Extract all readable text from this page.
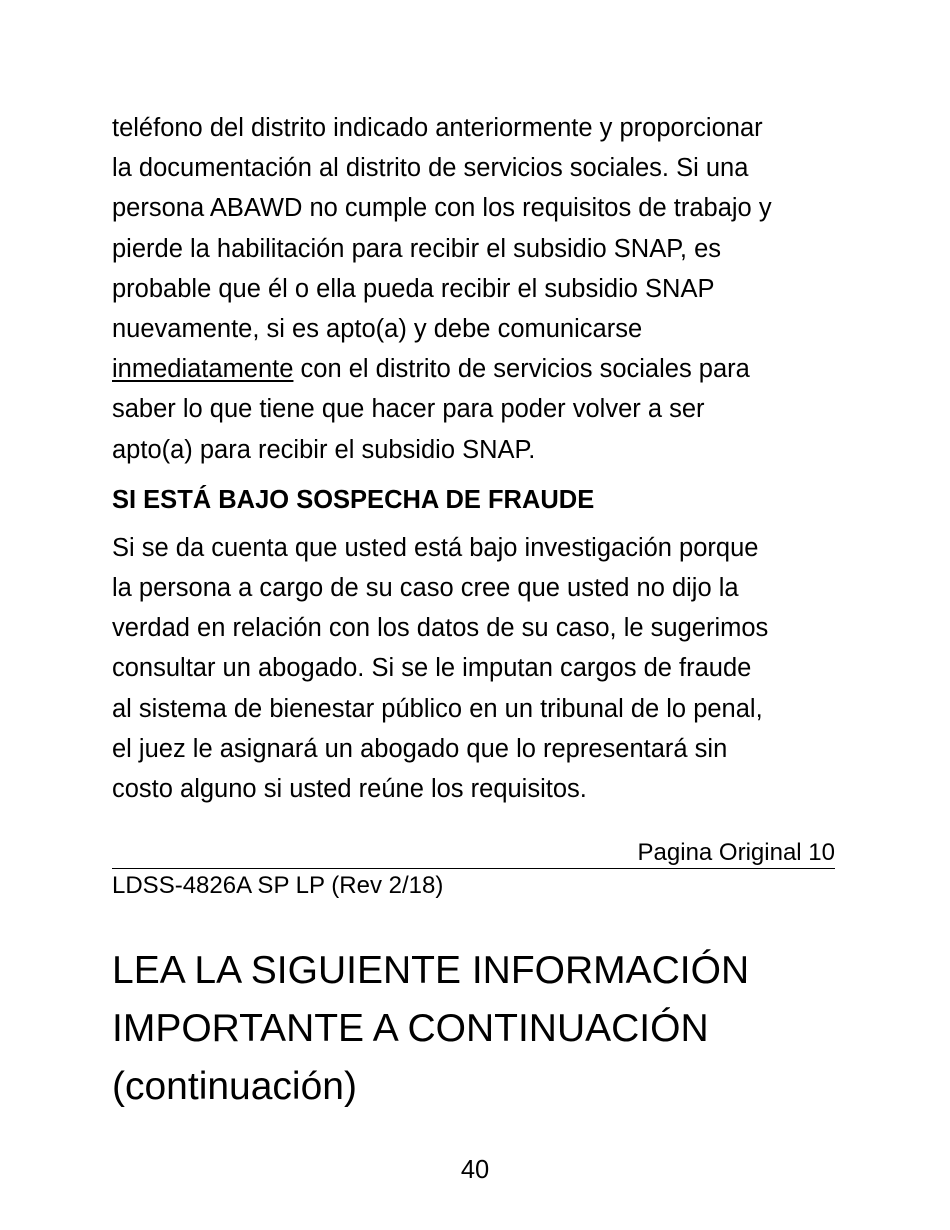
teléfono del distrito indicado anteriormente y proporcionar
la documentación al distrito de servicios sociales. Si una
persona ABAWD no cumple con los requisitos de trabajo y
pierde la habilitación para recibir el subsidio SNAP, es
probable que él o ella pueda recibir el subsidio SNAP
nuevamente, si es apto(a) y debe comunicarse
inmediatamente con el distrito de servicios sociales para
saber lo que tiene que hacer para poder volver a ser
apto(a) para recibir el subsidio SNAP.

SI ESTÁ BAJO SOSPECHA DE FRAUDE

Si se da cuenta que usted está bajo investigación porque
la persona a cargo de su caso cree que usted no dijo la
verdad en relación con los datos de su caso, le sugerimos
consultar un abogado. Si se le imputan cargos de fraude
al sistema de bienestar público en un tribunal de lo penal,
el juez le asignará un abogado que lo representará sin
costo alguno si usted reúne los requisitos.

Pagina Original 10
LDSS-4826A SP LP (Rev 2/18)
LEA LA SIGUIENTE INFORMACIÓN
IMPORTANTE A CONTINUACIÓN
(continuación)
40
